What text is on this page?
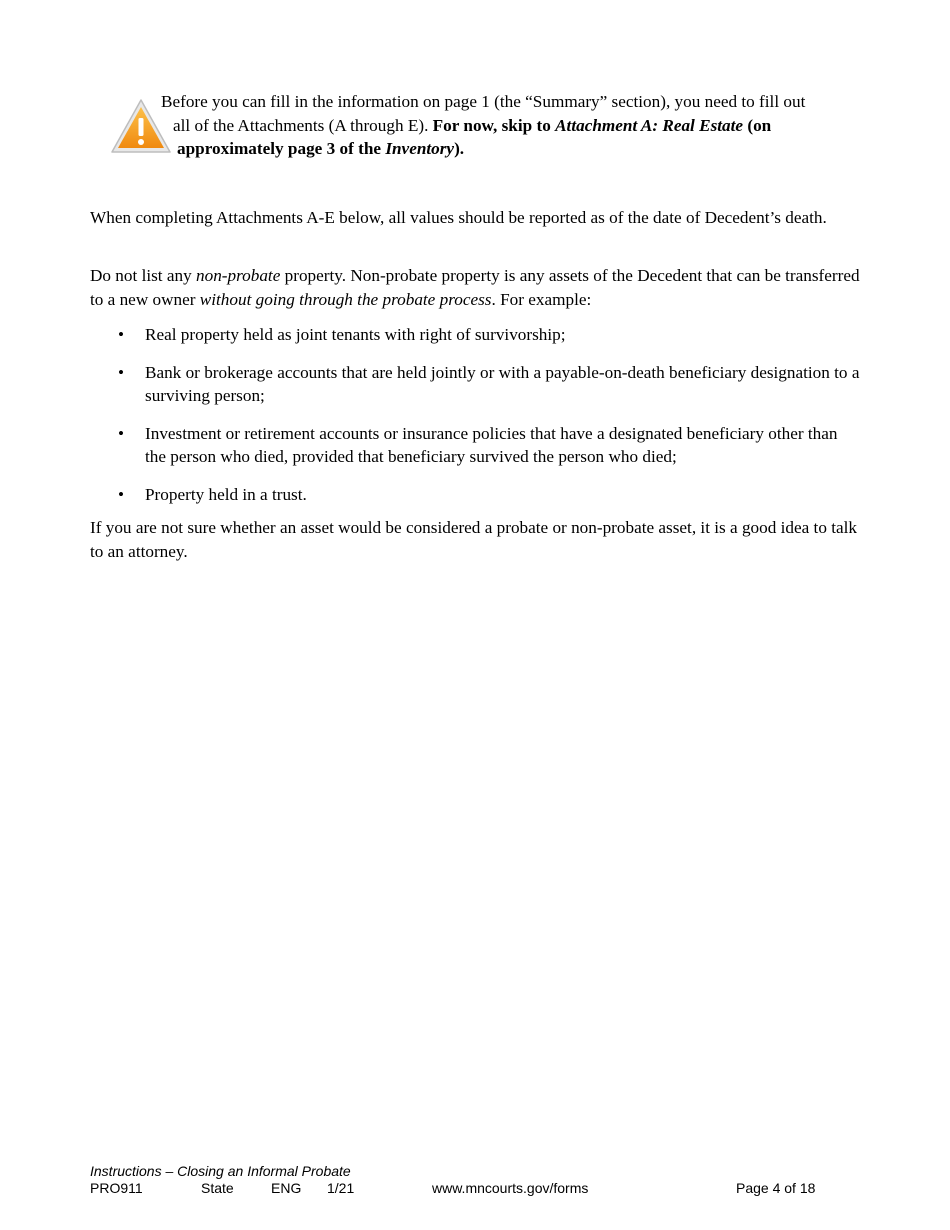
Before you can fill in the information on page 1 (the “Summary” section), you need to fill out
all of the Attachments (A through E). For now, skip to Attachment A: Real Estate (on
approximately page 3 of the Inventory).

When completing Attachments A-E below, all values should be reported as of the date of Decedent’s death.

Do not list any non-probate property. Non-probate property is any assets of the Decedent that can be transferred to a new owner without going through the probate process. For example:

• Real property held as joint tenants with right of survivorship;
• Bank or brokerage accounts that are held jointly or with a payable-on-death beneficiary designation to a surviving person;
• Investment or retirement accounts or insurance policies that have a designated beneficiary other than the person who died, provided that beneficiary survived the person who died;
• Property held in a trust.

If you are not sure whether an asset would be considered a probate or non-probate asset, it is a good idea to talk to an attorney.

Instructions – Closing an Informal Probate
PRO911	State	ENG 1/21	www.mncourts.gov/forms	Page 4 of 18
